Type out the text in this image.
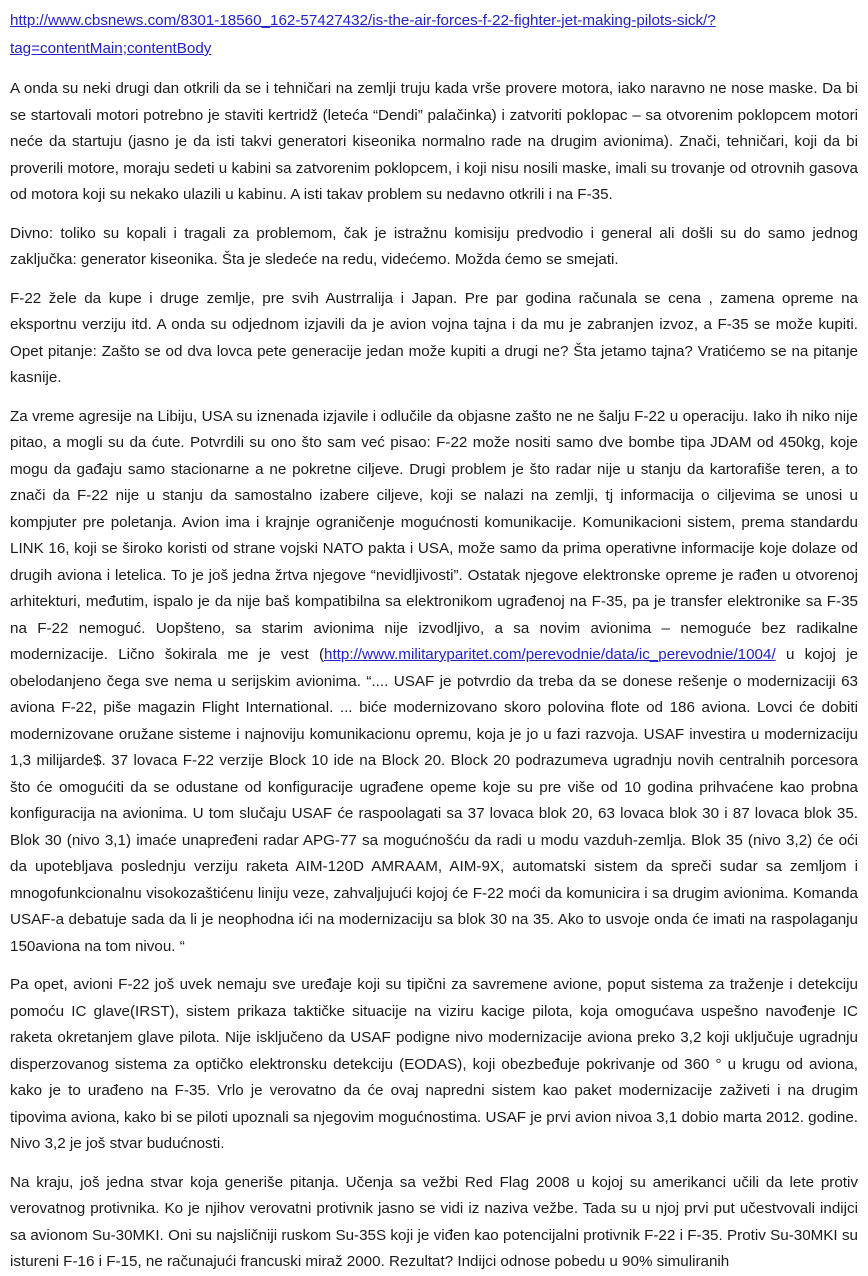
http://www.cbsnews.com/8301-18560_162-57427432/is-the-air-forces-f-22-fighter-jet-making-pilots-sick/?tag=contentMain;contentBody

A onda su neki drugi dan otkrili da se i tehničari na zemlji truju kada vrše provere motora, iako naravno ne nose maske. Da bi se startovali motori potrebno je staviti kertridž (leteća “Dendi” palačinka) i zatvoriti poklopac – sa otvorenim poklopcem motori neće da startuju (jasno je da isti takvi generatori kiseonika normalno rade na drugim avionima). Znači, tehničari, koji da bi proverili motore, moraju sedeti u kabini sa zatvorenim poklopcem, i koji nisu nosili maske, imali su trovanje od otrovnih gasova od motora koji su nekako ulazili u kabinu. A isti takav problem su nedavno otkrili i na F-35.

Divno: toliko su kopali i tragali za problemom, čak je istražnu komisiju predvodio i general ali došli su do samo jednog zaključka: generator kiseonika. Šta je sledeće na redu, videćemo. Možda ćemo se smejati.

F-22 žele da kupe i druge zemlje, pre svih Austrralija i Japan. Pre par godina računala se cena , zamena opreme na eksportnu verziju itd. A onda su odjednom izjavili da je avion vojna tajna i da mu je zabranjen izvoz, a F-35 se može kupiti. Opet pitanje: Zašto se od dva lovca pete generacije jedan može kupiti a drugi ne? Šta jetamo tajna? Vratićemo se na pitanje kasnije.

Za vreme agresije na Libiju, USA su iznenada izjavile i odlučile da objasne zašto ne ne šalju F-22 u operaciju. Iako ih niko nije pitao, a mogli su da ćute. Potvrdili su ono što sam već pisao: F-22 može nositi samo dve bombe tipa JDAM od 450kg, koje mogu da gađaju samo stacionarne a ne pokretne ciljeve. Drugi problem je što radar nije u stanju da kartorafiše teren, a to znači da F-22 nije u stanju da samostalno izabere ciljeve, koji se nalazi na zemlji, tj informacija o ciljevima se unosi u kompjuter pre poletanja. Avion ima i krajnje ograničenje mogućnosti komunikacije. Komunikacioni sistem, prema standardu LINK 16, koji se široko koristi od strane vojski NATO pakta i USA, može samo da prima operativne informacije koje dolaze od drugih aviona i letelica. To je još jedna žrtva njegove “nevidljivosti”. Ostatak njegove elektronske opreme je rađen u otvorenoj arhitekturi, međutim, ispalo je da nije baš kompatibilna sa elektronikom ugrađenoj na F-35, pa je transfer elektronike sa F-35 na F-22 nemoguć. Uopšteno, sa starim avionima nije izvodljivo, a sa novim avionima – nemoguće bez radikalne modernizacije. Lično šokirala me je vest (http://www.militaryparitet.com/perevodnie/data/ic_perevodnie/1004/ u kojoj je obelodanjeno čega sve nema u serijskim avionima. “.... USAF je potvrdio da treba da se donese rešenje o modernizaciji 63 aviona F-22, piše magazin Flight International. ... biće modernizovano skoro polovina flote od 186 aviona. Lovci će dobiti modernizovane oružane sisteme i najnoviju komunikacionu opremu, koja je jo u fazi razvoja. USAF investira u modernizaciju 1,3 milijarde$. 37 lovaca F-22 verzije Block 10 ide na Block 20. Block 20 podrazumeva ugradnju novih centralnih porcesora što će omogućiti da se odustane od konfiguracije ugrađene opeme koje su pre više od 10 godina prihvaćene kao probna konfiguracija na avionima. U tom slučaju USAF će raspoolagati sa 37 lovaca blok 20, 63 lovaca blok 30 i 87 lovaca blok 35. Blok 30 (nivo 3,1) imaće unapređeni radar APG-77 sa mogućnošću da radi u modu vazduh-zemlja. Blok 35 (nivo 3,2) će oći da upotebljava poslednju verziju raketa AIM-120D AMRAAM, AIM-9X, automatski sistem da spreči sudar sa zemljom i mnogofunkcionalnu visokozaštićenu liniju veze, zahvaljujući kojoj će F-22 moći da komunicira i sa drugim avionima. Komanda USAF-a debatuje sada da li je neophodna ići na modernizaciju sa blok 30 na 35. Ako to usvoje onda će imati na raspolaganju 150aviona na tom nivou. “

Pa opet, avioni F-22 još uvek nemaju sve uređaje koji su tipični za savremene avione, poput sistema za traženje i detekciju pomoću IC glave(IRST), sistem prikaza taktičke situacije na viziru kacige pilota, koja omogućava uspešno navođenje IC raketa okretanjem glave pilota. Nije isključeno da USAF podigne nivo modernizacije aviona preko 3,2 koji uključuje ugradnju disperzovanog sistema za optičko elektronsku detekciju (EODAS), koji obezbeđuje pokrivanje od 360 ° u krugu od aviona, kako je to urađeno na F-35. Vrlo je verovatno da će ovaj napredni sistem kao paket modernizacije zaživeti i na drugim tipovima aviona, kako bi se piloti upoznali sa njegovim mogućnostima. USAF je prvi avion nivoa 3,1 dobio marta 2012. godine. Nivo 3,2 je još stvar budućnosti.

Na kraju, još jedna stvar koja generiše pitanja. Učenja sa vežbi Red Flag 2008 u kojoj su amerikanci učili da lete protiv verovatnog protivnika. Ko je njihov verovatni protivnik jasno se vidi iz naziva vežbe. Tada su u njoj prvi put učestvovali indijci sa avionom Su-30MKI. Oni su najsličniji ruskom Su-35S koji je viđen kao potencijalni protivnik F-22 i F-35. Protiv Su-30MKI su istureni F-16 i F-15, ne računajući francuski miraž 2000. Rezultat? Indijci odnose pobedu u 90% simuliranih
